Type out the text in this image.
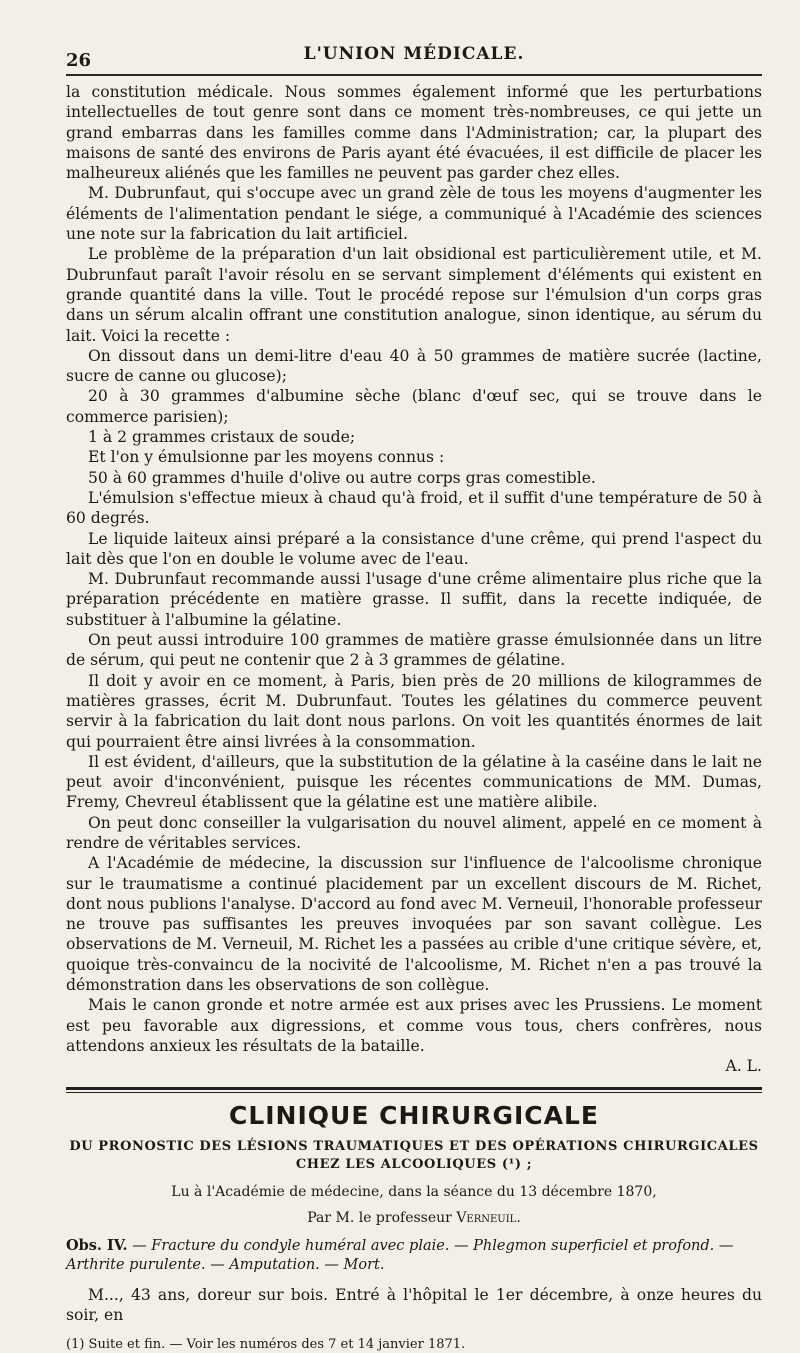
26	L'UNION MÉDICALE.

la constitution médicale. Nous sommes également informé que les perturbations intellectuelles de tout genre sont dans ce moment très-nombreuses, ce qui jette un grand embarras dans les familles comme dans l'Administration; car, la plupart des maisons de santé des environs de Paris ayant été évacuées, il est difficile de placer les malheureux aliénés que les familles ne peuvent pas garder chez elles.

M. Dubrunfaut, qui s'occupe avec un grand zèle de tous les moyens d'augmenter les éléments de l'alimentation pendant le siége, a communiqué à l'Académie des sciences une note sur la fabrication du lait artificiel.

Le problème de la préparation d'un lait obsidional est particulièrement utile, et M. Dubrunfaut paraît l'avoir résolu en se servant simplement d'éléments qui existent en grande quantité dans la ville. Tout le procédé repose sur l'émulsion d'un corps gras dans un sérum alcalin offrant une constitution analogue, sinon identique, au sérum du lait. Voici la recette :

On dissout dans un demi-litre d'eau 40 à 50 grammes de matière sucrée (lactine, sucre de canne ou glucose);

20 à 30 grammes d'albumine sèche (blanc d'œuf sec, qui se trouve dans le commerce parisien);

1 à 2 grammes cristaux de soude;

Et l'on y émulsionne par les moyens connus :

50 à 60 grammes d'huile d'olive ou autre corps gras comestible.

L'émulsion s'effectue mieux à chaud qu'à froid, et il suffit d'une température de 50 à 60 degrés.

Le liquide laiteux ainsi préparé a la consistance d'une crême, qui prend l'aspect du lait dès que l'on en double le volume avec de l'eau.

M. Dubrunfaut recommande aussi l'usage d'une crême alimentaire plus riche que la préparation précédente en matière grasse. Il suffit, dans la recette indiquée, de substituer à l'albumine la gélatine.

On peut aussi introduire 100 grammes de matière grasse émulsionnée dans un litre de sérum, qui peut ne contenir que 2 à 3 grammes de gélatine.

Il doit y avoir en ce moment, à Paris, bien près de 20 millions de kilogrammes de matières grasses, écrit M. Dubrunfaut. Toutes les gélatines du commerce peuvent servir à la fabrication du lait dont nous parlons. On voit les quantités énormes de lait qui pourraient être ainsi livrées à la consommation.

Il est évident, d'ailleurs, que la substitution de la gélatine à la caséine dans le lait ne peut avoir d'inconvénient, puisque les récentes communications de MM. Dumas, Fremy, Chevreul établissent que la gélatine est une matière alibile.

On peut donc conseiller la vulgarisation du nouvel aliment, appelé en ce moment à rendre de véritables services.

A l'Académie de médecine, la discussion sur l'influence de l'alcoolisme chronique sur le traumatisme a continué placidement par un excellent discours de M. Richet, dont nous publions l'analyse. D'accord au fond avec M. Verneuil, l'honorable professeur ne trouve pas suffisantes les preuves invoquées par son savant collègue. Les observations de M. Verneuil, M. Richet les a passées au crible d'une critique sévère, et, quoique très-convaincu de la nocivité de l'alcoolisme, M. Richet n'en a pas trouvé la démonstration dans les observations de son collègue.

Mais le canon gronde et notre armée est aux prises avec les Prussiens. Le moment est peu favorable aux digressions, et comme vous tous, chers confrères, nous attendons anxieux les résultats de la bataille.

A. L.
CLINIQUE CHIRURGICALE
DU PRONOSTIC DES LÉSIONS TRAUMATIQUES ET DES OPÉRATIONS CHIRURGICALES CHEZ LES ALCOOLIQUES (¹) ;
Lu à l'Académie de médecine, dans la séance du 13 décembre 1870,
Par M. le professeur Verneuil.
Obs. IV. — Fracture du condyle huméral avec plaie. — Phlegmon superficiel et profond. — Arthrite purulente. — Amputation. — Mort.
M..., 43 ans, doreur sur bois. Entré à l'hôpital le 1er décembre, à onze heures du soir, en
(1) Suite et fin. — Voir les numéros des 7 et 14 janvier 1871.
